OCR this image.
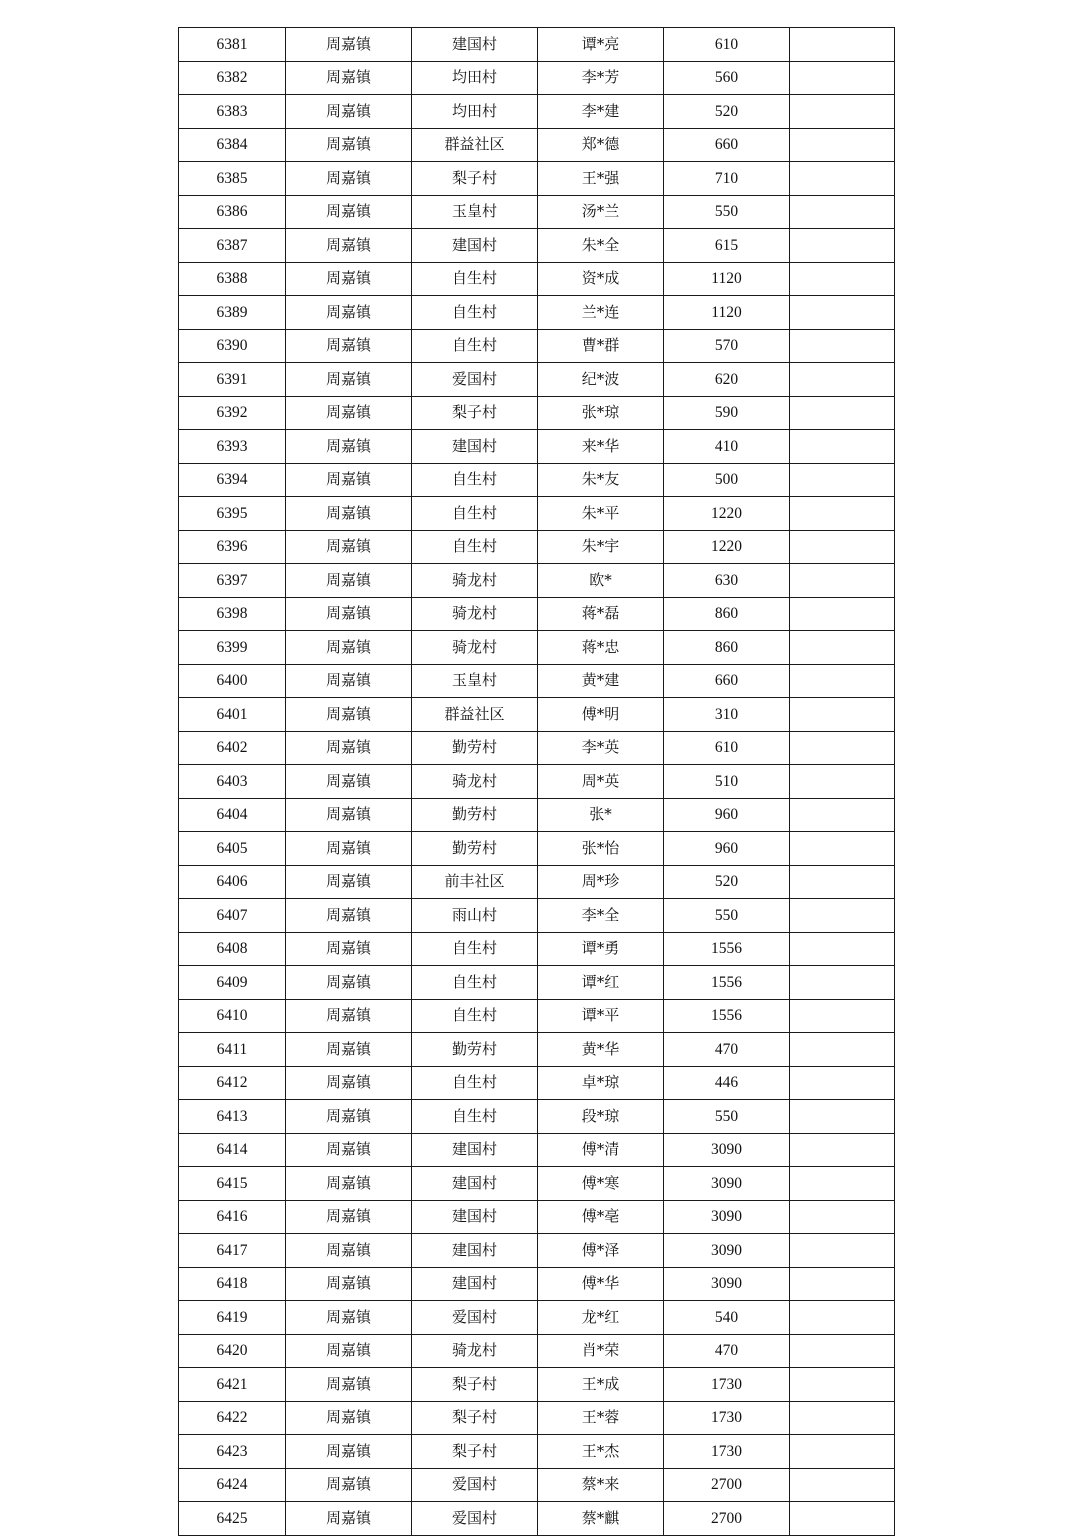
6381	周嘉镇	建国村	谭*亮	610	
6382	周嘉镇	均田村	李*芳	560	
6383	周嘉镇	均田村	李*建	520	
6384	周嘉镇	群益社区	郑*德	660	
6385	周嘉镇	梨子村	王*强	710	
6386	周嘉镇	玉皇村	汤*兰	550	
6387	周嘉镇	建国村	朱*全	615	
6388	周嘉镇	自生村	资*成	1120	
6389	周嘉镇	自生村	兰*连	1120	
6390	周嘉镇	自生村	曹*群	570	
6391	周嘉镇	爱国村	纪*波	620	
6392	周嘉镇	梨子村	张*琼	590	
6393	周嘉镇	建国村	来*华	410	
6394	周嘉镇	自生村	朱*友	500	
6395	周嘉镇	自生村	朱*平	1220	
6396	周嘉镇	自生村	朱*宇	1220	
6397	周嘉镇	骑龙村	欧*	630	
6398	周嘉镇	骑龙村	蒋*磊	860	
6399	周嘉镇	骑龙村	蒋*忠	860	
6400	周嘉镇	玉皇村	黄*建	660	
6401	周嘉镇	群益社区	傅*明	310	
6402	周嘉镇	勤劳村	李*英	610	
6403	周嘉镇	骑龙村	周*英	510	
6404	周嘉镇	勤劳村	张*	960	
6405	周嘉镇	勤劳村	张*怡	960	
6406	周嘉镇	前丰社区	周*珍	520	
6407	周嘉镇	雨山村	李*全	550	
6408	周嘉镇	自生村	谭*勇	1556	
6409	周嘉镇	自生村	谭*红	1556	
6410	周嘉镇	自生村	谭*平	1556	
6411	周嘉镇	勤劳村	黄*华	470	
6412	周嘉镇	自生村	卓*琼	446	
6413	周嘉镇	自生村	段*琼	550	
6414	周嘉镇	建国村	傅*清	3090	
6415	周嘉镇	建国村	傅*寒	3090	
6416	周嘉镇	建国村	傅*亳	3090	
6417	周嘉镇	建国村	傅*泽	3090	
6418	周嘉镇	建国村	傅*华	3090	
6419	周嘉镇	爱国村	龙*红	540	
6420	周嘉镇	骑龙村	肖*荣	470	
6421	周嘉镇	梨子村	王*成	1730	
6422	周嘉镇	梨子村	王*蓉	1730	
6423	周嘉镇	梨子村	王*杰	1730	
6424	周嘉镇	爱国村	蔡*来	2700	
6425	周嘉镇	爱国村	蔡*麒	2700	
